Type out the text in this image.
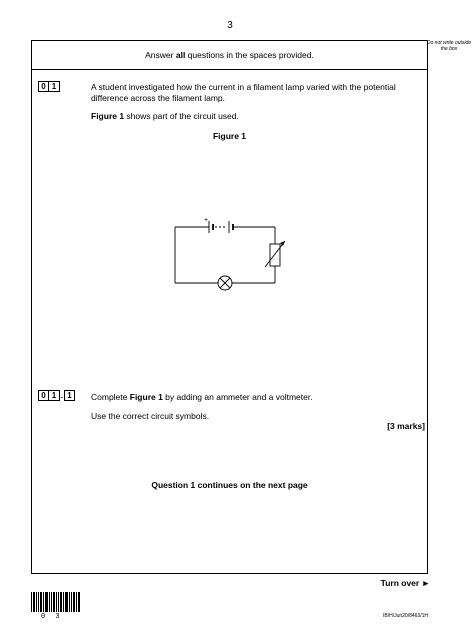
3
Do not write outside the box
Answer all questions in the spaces provided.
0 1	A student investigated how the current in a filament lamp varied with the potential difference across the filament lamp.
Figure 1 shows part of the circuit used.
Figure 1
+
0 1 . 1	Complete Figure 1 by adding an ammeter and a voltmeter.
Use the correct circuit symbols.
[3 marks]
Question 1 continues on the next page
Turn over ►
0 3	IB/H/Jun20/8463/1H
